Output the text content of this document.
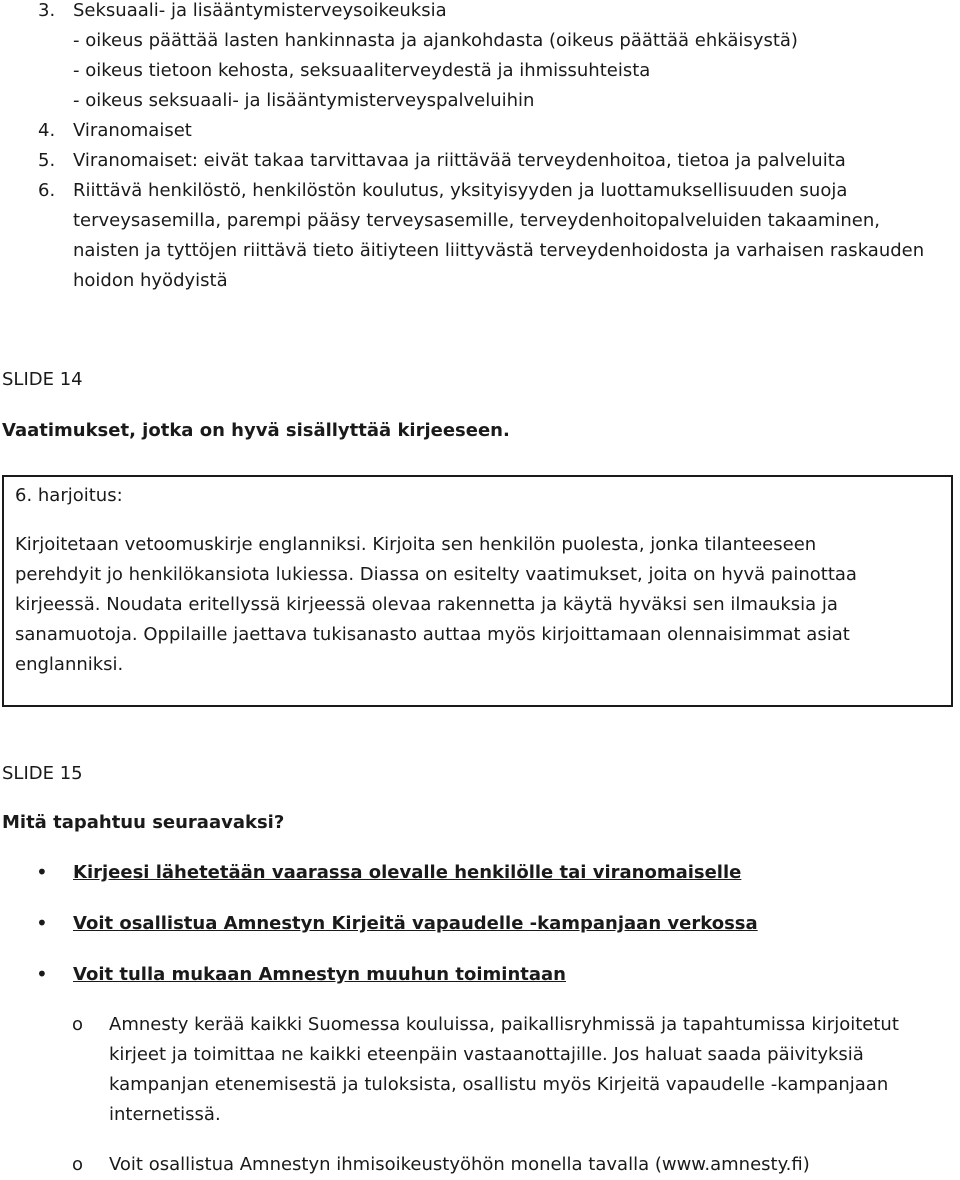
3. Seksuaali- ja lisääntymisterveysoikeuksia
- oikeus päättää lasten hankinnasta ja ajankohdasta (oikeus päättää ehkäisystä)
- oikeus tietoon kehosta, seksuaaliterveydestä ja ihmissuhteista
- oikeus seksuaali- ja lisääntymisterveyspalveluihin
4. Viranomaiset
5. Viranomaiset: eivät takaa tarvittavaa ja riittävää terveydenhoitoa, tietoa ja palveluita
6. Riittävä henkilöstö, henkilöstön koulutus, yksityisyyden ja luottamuksellisuuden suoja
terveysasemilla, parempi pääsy terveysasemille, terveydenhoitopalveluiden takaaminen,
naisten ja tyttöjen riittävä tieto äitiyteen liittyvästä terveydenhoidosta ja varhaisen raskauden
hoidon hyödyistä
SLIDE 14
Vaatimukset, jotka on hyvä sisällyttää kirjeeseen.
6. harjoitus:
Kirjoitetaan vetoomuskirje englanniksi. Kirjoita sen henkilön puolesta, jonka tilanteeseen
perehdyit jo henkilökansiota lukiessa. Diassa on esitelty vaatimukset, joita on hyvä painottaa
kirjeessä. Noudata eritellyssä kirjeessä olevaa rakennetta ja käytä hyväksi sen ilmauksia ja
sanamuotoja. Oppilaille jaettava tukisanasto auttaa myös kirjoittamaan olennaisimmat asiat
englanniksi.
SLIDE 15
Mitä tapahtuu seuraavaksi?
• Kirjeesi lähetetään vaarassa olevalle henkilölle tai viranomaiselle
• Voit osallistua Amnestyn Kirjeitä vapaudelle -kampanjaan verkossa
• Voit tulla mukaan Amnestyn muuhun toimintaan
o Amnesty kerää kaikki Suomessa kouluissa, paikallisryhmissä ja tapahtumissa kirjoitetut
kirjeet ja toimittaa ne kaikki eteenpäin vastaanottajille. Jos haluat saada päivityksiä
kampanjan etenemisestä ja tuloksista, osallistu myös Kirjeitä vapaudelle -kampanjaan
internetissä.
o Voit osallistua Amnestyn ihmisoikeustyöhön monella tavalla (www.amnesty.fi)
